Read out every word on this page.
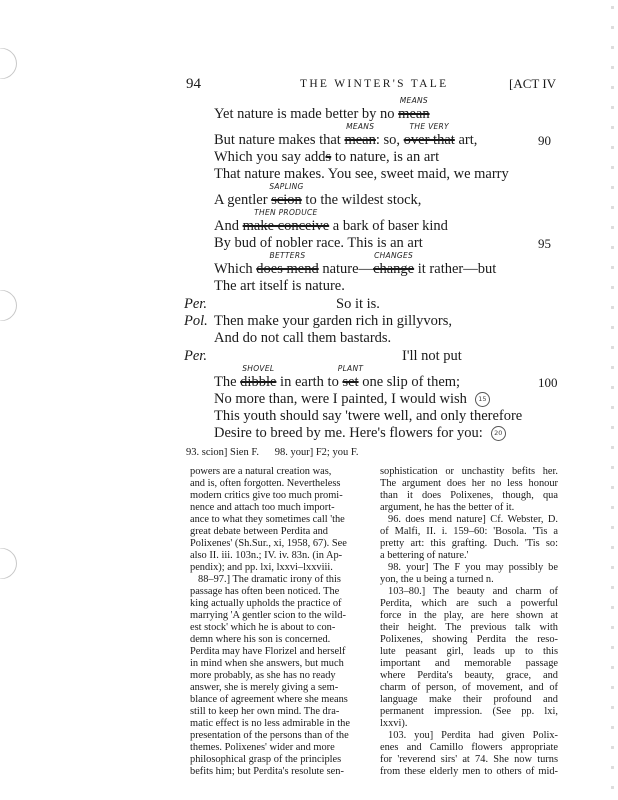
94	THE WINTER'S TALE	[ACT IV
Yet nature is made better by no mean
MEANS
But nature makes that mean
MEANS
: so, over that
THE VERY
art,	90
Which you say adds to nature, is an art
That nature makes. You see, sweet maid, we marry
A gentler scion
SAPLING
to the wildest stock,
And make conceive
THEN PRODUCE
a bark of baser kind
By bud of nobler race. This is an art	95
Which does mend
BETTERS
nature—change
CHANGES
it rather—but
The art itself is nature.
Per.	So it is.
Pol. Then make your garden rich in gillyvors,
And do not call them bastards.
Per.	I'll not put
The dibble
SHOVEL
in earth to set
PLANT
one slip of them;	100
No more than, were I painted, I would wish 15
This youth should say 'twere well, and only therefore
Desire to breed by me. Here's flowers for you: 20
93. scion] Sien F.      98. your] F2; you F.
powers are a natural creation was,
and is, often forgotten. Nevertheless
modern critics give too much promi-
nence and attach too much import-
ance to what they sometimes call 'the
great debate between Perdita and
Polixenes' (Sh.Sur., xi, 1958, 67). See
also II. iii. 103n.; IV. iv. 83n. (in Ap-
pendix); and pp. lxi, lxxvi–lxxviii.
88–97.] The dramatic irony of this
passage has often been noticed. The
king actually upholds the practice of
marrying 'A gentler scion to the wild-
est stock' which he is about to con-
demn where his son is concerned.
Perdita may have Florizel and herself
in mind when she answers, but much
more probably, as she has no ready
answer, she is merely giving a sem-
blance of agreement where she means
still to keep her own mind. The dra-
matic effect is no less admirable in the
presentation of the persons than of the
themes. Polixenes' wider and more
philosophical grasp of the principles
befits him; but Perdita's resolute sen-
sophistication or unchastity befits her.
The argument does her no less honour
than it does Polixenes, though, qua
argument, he has the better of it.
96. does mend nature] Cf. Webster, D.
of Malfi, II. i. 159–60: 'Bosola. 'Tis a
pretty art: this grafting. Duch. 'Tis so:
a bettering of nature.'
98. your] The F you may possibly be
yon, the u being a turned n.
103–80.] The beauty and charm of
Perdita, which are such a powerful
force in the play, are here shown at
their height. The previous talk with
Polixenes, showing Perdita the reso-
lute peasant girl, leads up to this
important and memorable passage
where Perdita's beauty, grace, and
charm of person, of movement, and of
language make their profound and
permanent impression. (See pp. lxi,
lxxvi).
103. you] Perdita had given Polix-
enes and Camillo flowers appropriate
for 'reverend sirs' at 74. She now turns
from these elderly men to others of mid-
